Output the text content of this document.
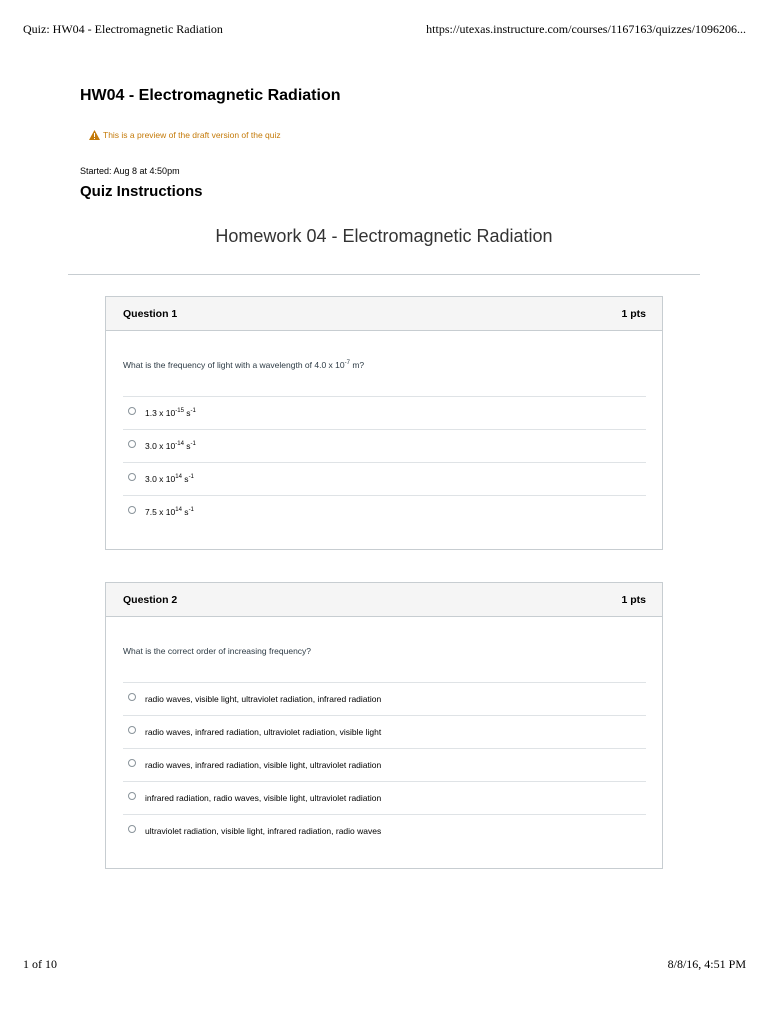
Quiz: HW04 - Electromagnetic Radiation	https://utexas.instructure.com/courses/1167163/quizzes/1096206...
HW04 - Electromagnetic Radiation
This is a preview of the draft version of the quiz
Started: Aug 8 at 4:50pm
Quiz Instructions
Homework 04 - Electromagnetic Radiation
Question 1	1 pts
What is the frequency of light with a wavelength of 4.0 x $10^{-7}$ m?
1.3 x $10^{-15}$ $s^{-1}$
3.0 x $10^{-14}$ $s^{-1}$
3.0 x $10^{14}$ $s^{-1}$
7.5 x $10^{14}$ $s^{-1}$
Question 2	1 pts
What is the correct order of increasing frequency?
radio waves, visible light, ultraviolet radiation, infrared radiation
radio waves, infrared radiation, ultraviolet radiation, visible light
radio waves, infrared radiation, visible light, ultraviolet radiation
infrared radiation, radio waves, visible light, ultraviolet radiation
ultraviolet radiation, visible light, infrared radiation, radio waves
1 of 10	8/8/16, 4:51 PM
